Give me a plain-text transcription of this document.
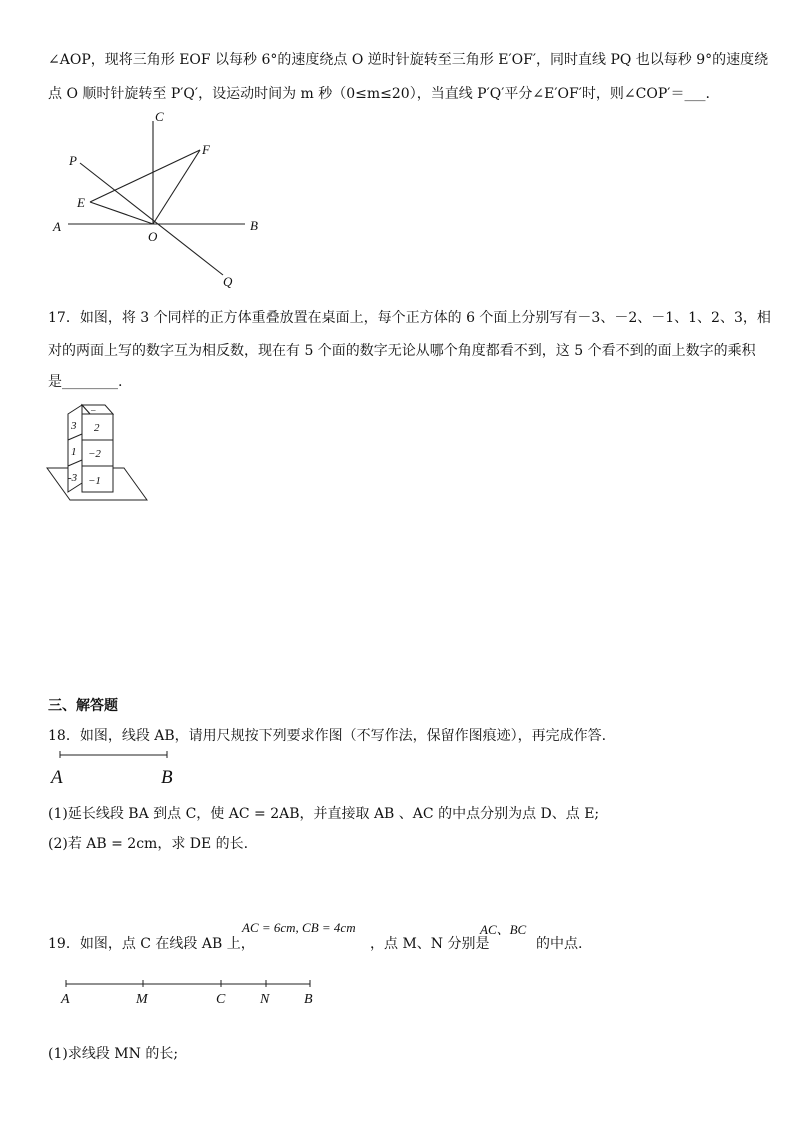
∠AOP，现将三角形 EOF 以每秒 6°的速度绕点 O 逆时针旋转至三角形 E′OF′，同时直线 PQ 也以每秒 9°的速度绕
点 O 顺时针旋转至 P′Q′，设运动时间为 m 秒（0≤m≤20），当直线 P′Q′平分∠E′OF′时，则∠COP′＝___.
C
F
P
E
A
O
B
Q
17．如图，将 3 个同样的正方体重叠放置在桌面上，每个正方体的 6 个面上分别写有－3、－2、－1、1、2、3，相
对的两面上写的数字互为相反数，现在有 5 个面的数字无论从哪个角度都看不到，这 5 个看不到的面上数字的乘积
是________.
–
3 2
1 −2
-3 −1
三、解答题
18．如图，线段 AB，请用尺规按下列要求作图（不写作法，保留作图痕迹），再完成作答.
A	B
(1)延长线段 BA 到点 C，使 AC = 2AB，并直接取 AB 、AC 的中点分别为点 D、点 E;
(2)若 AB = 2cm，求 DE 的长.
19．如图，点 C 在线段 AB 上，
AC = 6cm, CB = 4cm
，点 M、N 分别是
AC、BC
的中点.
A	M	C N B
(1)求线段 MN 的长;
